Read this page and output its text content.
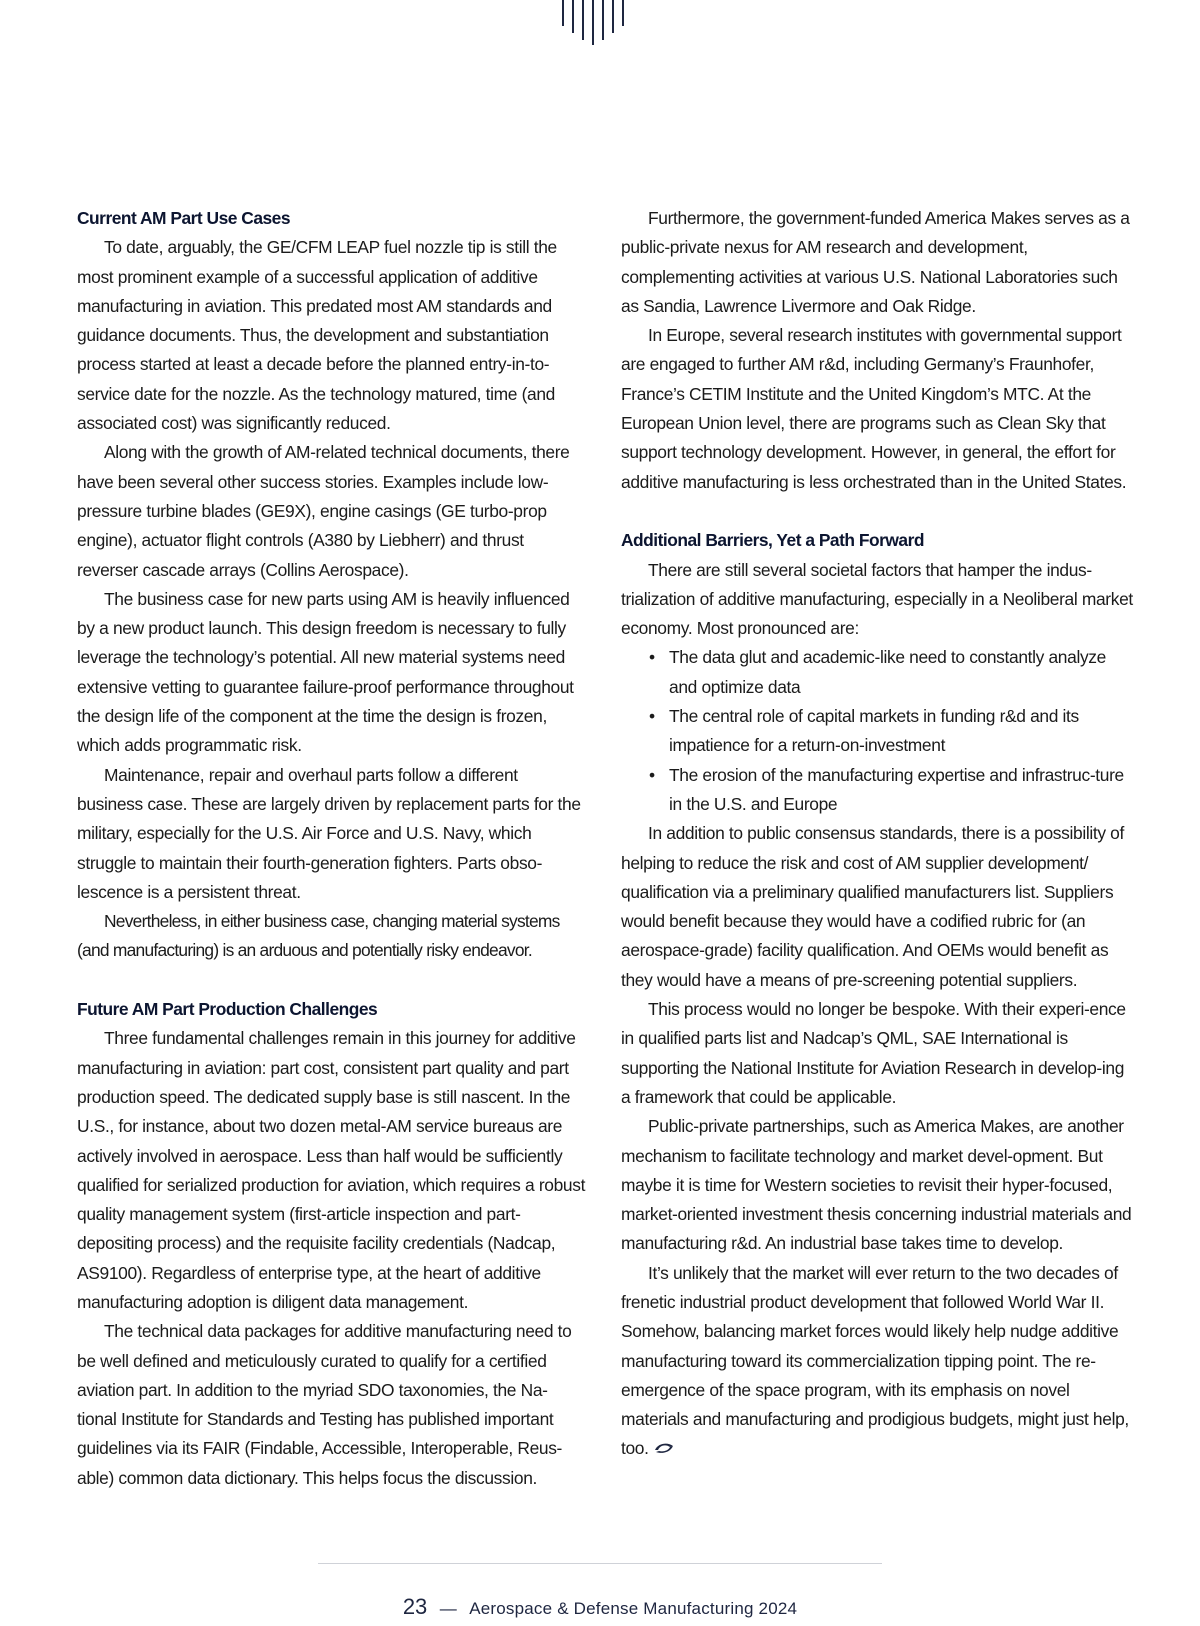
Current AM Part Use Cases

To date, arguably, the GE/CFM LEAP fuel nozzle tip is still the most prominent example of a successful application of additive manufacturing in aviation. This predated most AM standards and guidance documents. Thus, the development and substantiation process started at least a decade before the planned entry-in-to-service date for the nozzle. As the technology matured, time (and associated cost) was significantly reduced.

Along with the growth of AM-related technical documents, there have been several other success stories. Examples include low-pressure turbine blades (GE9X), engine casings (GE turbo-prop engine), actuator flight controls (A380 by Liebherr) and thrust reverser cascade arrays (Collins Aerospace).

The business case for new parts using AM is heavily influenced by a new product launch. This design freedom is necessary to fully leverage the technology’s potential. All new material systems need extensive vetting to guarantee failure-proof performance throughout the design life of the component at the time the design is frozen, which adds programmatic risk.

Maintenance, repair and overhaul parts follow a different business case. These are largely driven by replacement parts for the military, especially for the U.S. Air Force and U.S. Navy, which struggle to maintain their fourth-generation fighters. Parts obso-lescence is a persistent threat.

Nevertheless, in either business case, changing material systems (and manufacturing) is an arduous and potentially risky endeavor.

Future AM Part Production Challenges

Three fundamental challenges remain in this journey for additive manufacturing in aviation: part cost, consistent part quality and part production speed. The dedicated supply base is still nascent. In the U.S., for instance, about two dozen metal-AM service bureaus are actively involved in aerospace. Less than half would be sufficiently qualified for serialized production for aviation, which requires a robust quality management system (first-article inspection and part-depositing process) and the requisite facility credentials (Nadcap, AS9100). Regardless of enterprise type, at the heart of additive manufacturing adoption is diligent data management.

The technical data packages for additive manufacturing need to be well defined and meticulously curated to qualify for a certified aviation part. In addition to the myriad SDO taxonomies, the Na-tional Institute for Standards and Testing has published important guidelines via its FAIR (Findable, Accessible, Interoperable, Reus-able) common data dictionary. This helps focus the discussion.

Furthermore, the government-funded America Makes serves as a public-private nexus for AM research and development, complementing activities at various U.S. National Laboratories such as Sandia, Lawrence Livermore and Oak Ridge.

In Europe, several research institutes with governmental support are engaged to further AM r&d, including Germany’s Fraunhofer, France’s CETIM Institute and the United Kingdom’s MTC. At the European Union level, there are programs such as Clean Sky that support technology development. However, in general, the effort for additive manufacturing is less orchestrated than in the United States.

Additional Barriers, Yet a Path Forward

There are still several societal factors that hamper the indus-trialization of additive manufacturing, especially in a Neoliberal market economy. Most pronounced are:

• The data glut and academic-like need to constantly analyze and optimize data
• The central role of capital markets in funding r&d and its impatience for a return-on-investment
• The erosion of the manufacturing expertise and infrastruc-ture in the U.S. and Europe

In addition to public consensus standards, there is a possibility of helping to reduce the risk and cost of AM supplier development/ qualification via a preliminary qualified manufacturers list. Suppliers would benefit because they would have a codified rubric for (an aerospace-grade) facility qualification. And OEMs would benefit as they would have a means of pre-screening potential suppliers.

This process would no longer be bespoke. With their experi-ence in qualified parts list and Nadcap’s QML, SAE International is supporting the National Institute for Aviation Research in develop-ing a framework that could be applicable.

Public-private partnerships, such as America Makes, are another mechanism to facilitate technology and market devel-opment. But maybe it is time for Western societies to revisit their hyper-focused, market-oriented investment thesis concerning industrial materials and manufacturing r&d. An industrial base takes time to develop.

It’s unlikely that the market will ever return to the two decades of frenetic industrial product development that followed World War II. Somehow, balancing market forces would likely help nudge additive manufacturing toward its commercialization tipping point. The re-emergence of the space program, with its emphasis on novel materials and manufacturing and prodigious budgets, might just help, too.

23 — Aerospace & Defense Manufacturing 2024
